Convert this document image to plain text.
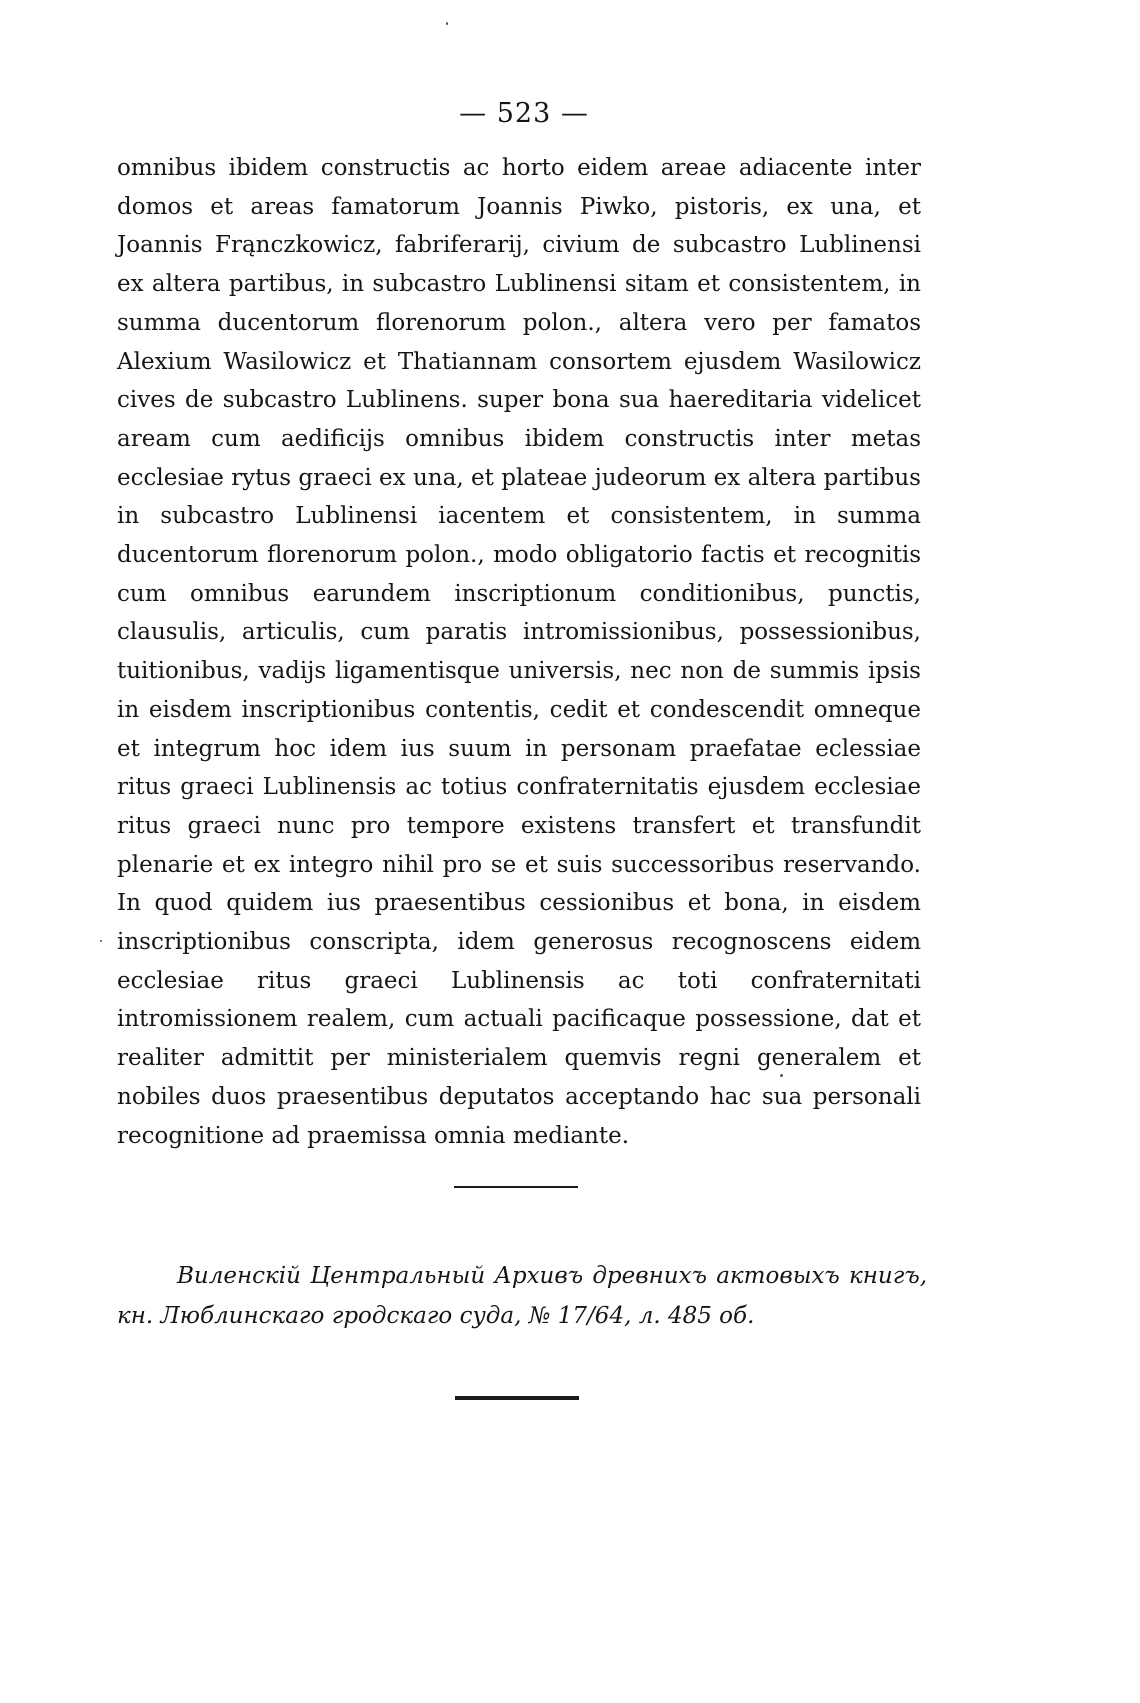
— 523 —

omnibus ibidem constructis ac horto eidem areae adiacente inter domos et areas famatorum Joannis Piwko, pistoris, ex una, et Joannis Frąnczkowicz, fabriferarij, civium de subcastro Lublinensi ex altera partibus, in subcastro Lublinensi sitam et consistentem, in summa ducentorum florenorum polon., altera vero per famatos Alexium Wasilowicz et Thatiannam consortem ejusdem Wasilowicz cives de subcastro Lublinens. super bona sua haereditaria videlicet aream cum aedificijs omnibus ibidem constructis inter metas ecclesiae rytus graeci ex una, et plateae judeorum ex altera partibus in subcastro Lublinensi iacentem et consistentem, in summa ducentorum florenorum polon., modo obligatorio factis et recognitis cum omnibus earundem inscriptionum conditionibus, punctis, clausulis, articulis, cum paratis intromissionibus, possessionibus, tuitionibus, vadijs ligamentisque universis, nec non de summis ipsis in eisdem inscriptionibus contentis, cedit et condescendit omneque et integrum hoc idem ius suum in personam praefatae eclessiae ritus graeci Lublinensis ac totius confraternitatis ejusdem ecclesiae ritus graeci nunc pro tempore existens transfert et transfundit plenarie et ex integro nihil pro se et suis successoribus reservando. In quod quidem ius praesentibus cessionibus et bona, in eisdem inscriptionibus conscripta, idem generosus recognoscens eidem ecclesiae ritus graeci Lublinensis ac toti confraternitati intromissionem realem, cum actuali pacificaque possessione, dat et realiter admittit per ministerialem quemvis regni generalem et nobiles duos praesentibus deputatos acceptando hac sua personali recognitione ad praemissa omnia mediante.

Виленскій Центральный Архивъ древнихъ актовыхъ книгъ, кн. Люблинскаго гродскаго суда, № 17/64, л. 485 об.
